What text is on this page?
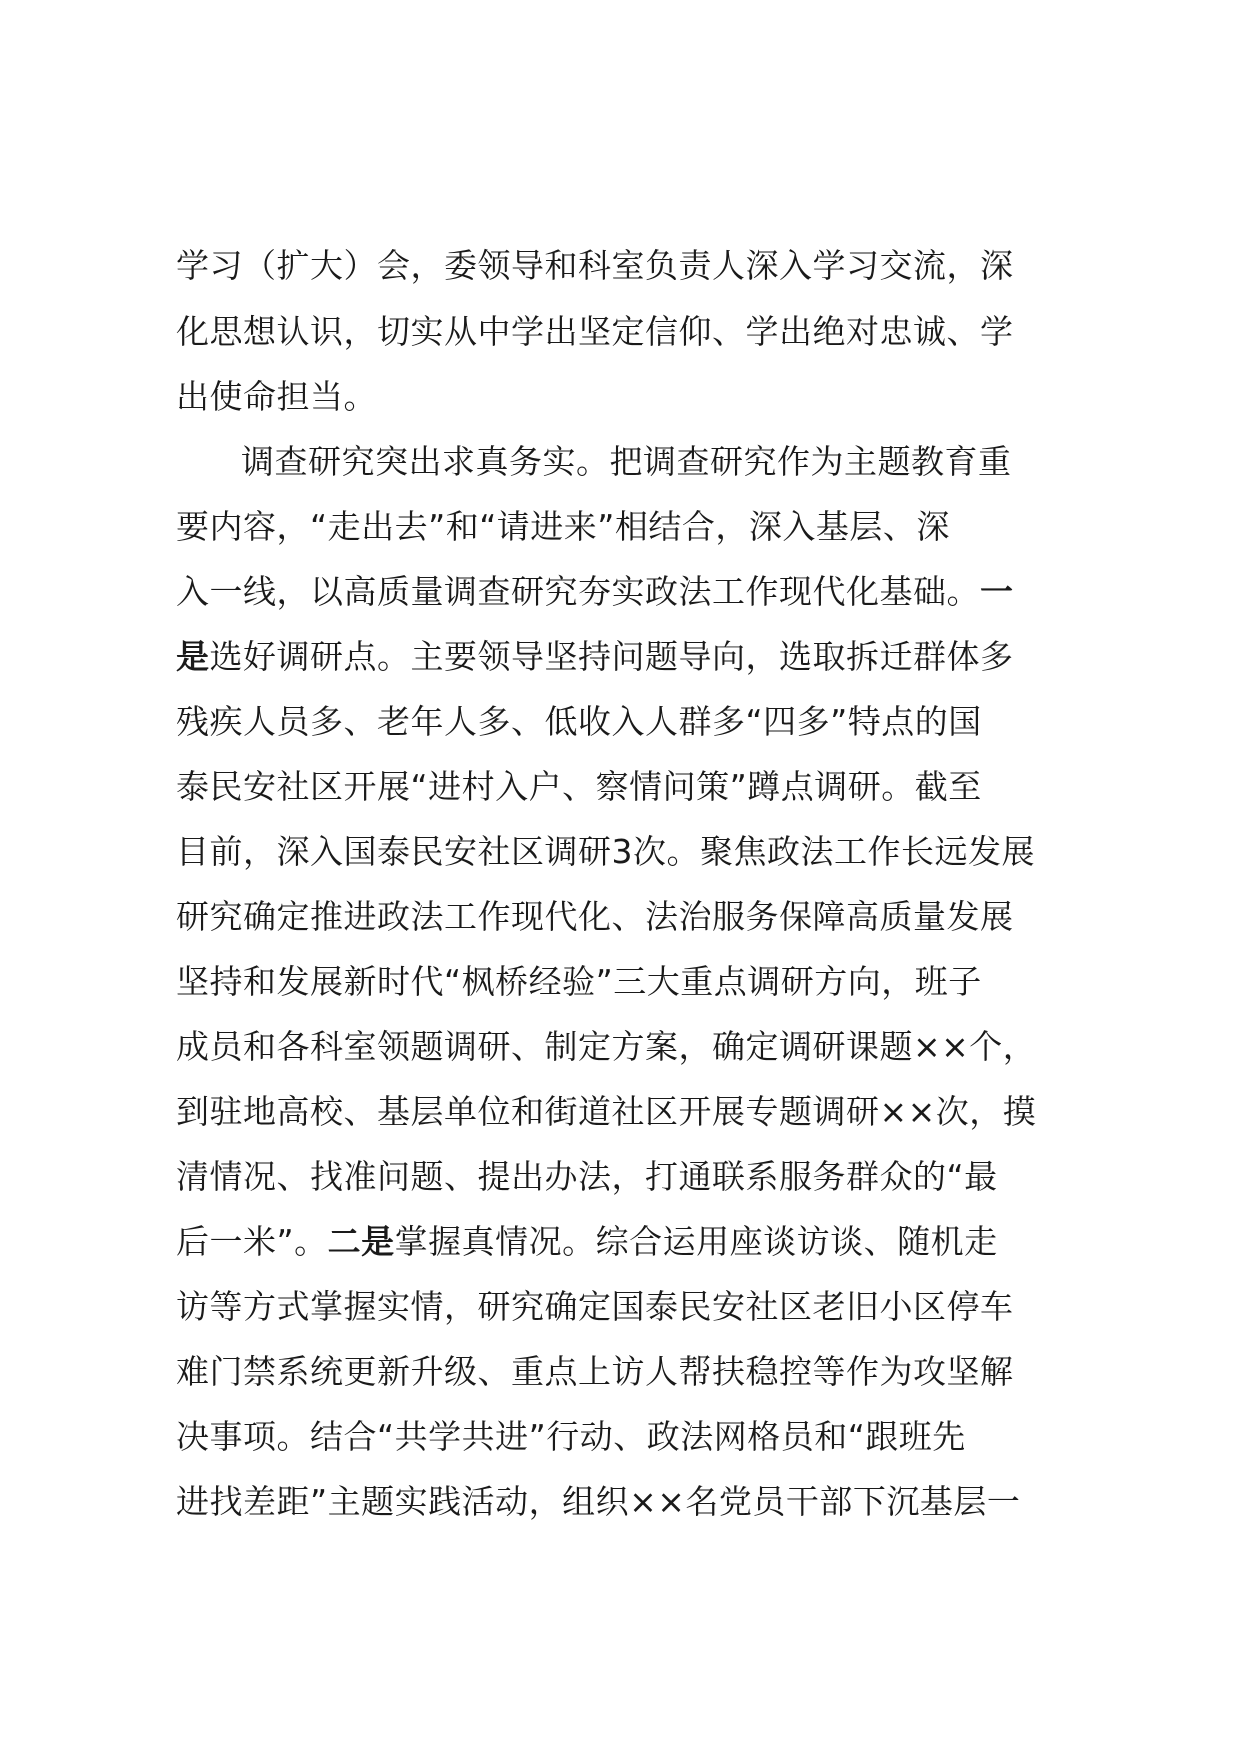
学习（扩大）会，委领导和科室负责人深入学习交流，深
化思想认识，切实从中学出坚定信仰、学出绝对忠诚、学
出使命担当。
调查研究突出求真务实。把调查研究作为主题教育重
要内容，“走出去”和“请进来”相结合，深入基层、深
入一线，以高质量调查研究夯实政法工作现代化基础。一
是选好调研点。主要领导坚持问题导向，选取拆迁群体多
残疾人员多、老年人多、低收入人群多“四多”特点的国
泰民安社区开展“进村入户、察情问策”蹲点调研。截至
目前，深入国泰民安社区调研3次。聚焦政法工作长远发展
研究确定推进政法工作现代化、法治服务保障高质量发展
坚持和发展新时代“枫桥经验”三大重点调研方向，班子
成员和各科室领题调研、制定方案，确定调研课题××个，
到驻地高校、基层单位和街道社区开展专题调研××次，摸
清情况、找准问题、提出办法，打通联系服务群众的“最
后一米”。二是掌握真情况。综合运用座谈访谈、随机走
访等方式掌握实情，研究确定国泰民安社区老旧小区停车
难门禁系统更新升级、重点上访人帮扶稳控等作为攻坚解
决事项。结合“共学共进”行动、政法网格员和“跟班先
进找差距”主题实践活动，组织××名党员干部下沉基层一
